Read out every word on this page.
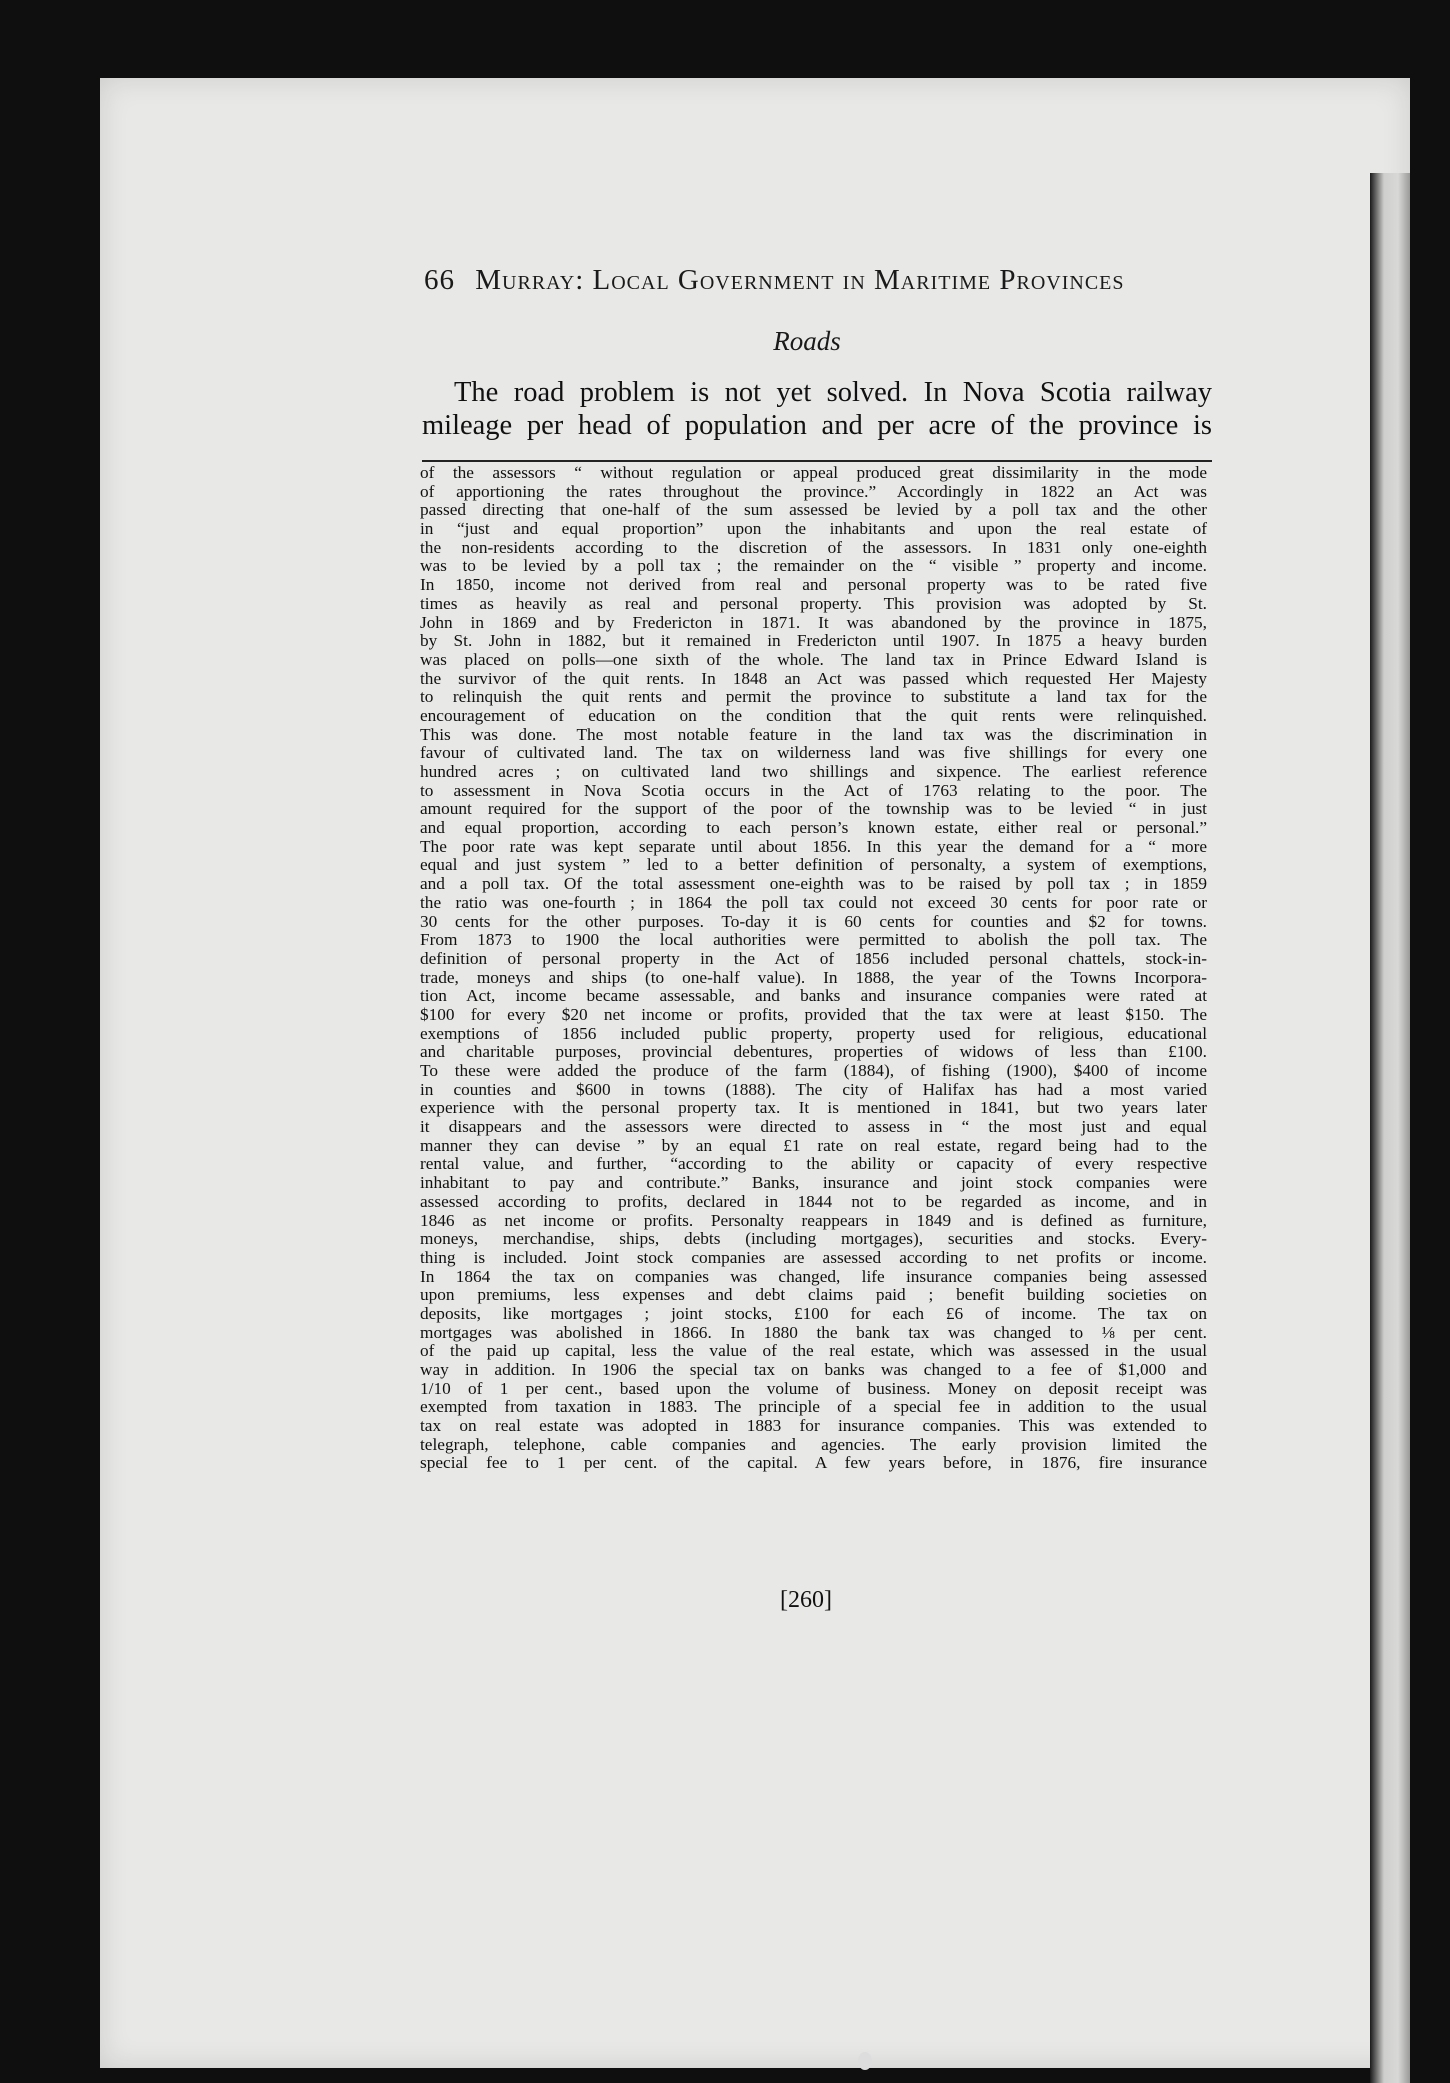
66 Murray: Local Government in Maritime Provinces
Roads
The road problem is not yet solved. In Nova Scotia railway
mileage per head of population and per acre of the province is
of the assessors “ without regulation or appeal produced great dissimilarity in the mode
of apportioning the rates throughout the province.” Accordingly in 1822 an Act was
passed directing that one-half of the sum assessed be levied by a poll tax and the other
in “just and equal proportion” upon the inhabitants and upon the real estate of
the non-residents according to the discretion of the assessors. In 1831 only one-eighth
was to be levied by a poll tax ; the remainder on the “ visible ” property and income.
In 1850, income not derived from real and personal property was to be rated five
times as heavily as real and personal property. This provision was adopted by St.
John in 1869 and by Fredericton in 1871. It was abandoned by the province in 1875,
by St. John in 1882, but it remained in Fredericton until 1907. In 1875 a heavy burden
was placed on polls—one sixth of the whole. The land tax in Prince Edward Island is
the survivor of the quit rents. In 1848 an Act was passed which requested Her Majesty
to relinquish the quit rents and permit the province to substitute a land tax for the
encouragement of education on the condition that the quit rents were relinquished.
This was done. The most notable feature in the land tax was the discrimination in
favour of cultivated land. The tax on wilderness land was five shillings for every one
hundred acres ; on cultivated land two shillings and sixpence. The earliest reference
to assessment in Nova Scotia occurs in the Act of 1763 relating to the poor. The
amount required for the support of the poor of the township was to be levied “ in just
and equal proportion, according to each person’s known estate, either real or personal.”
The poor rate was kept separate until about 1856. In this year the demand for a “ more
equal and just system ” led to a better definition of personalty, a system of exemptions,
and a poll tax. Of the total assessment one-eighth was to be raised by poll tax ; in 1859
the ratio was one-fourth ; in 1864 the poll tax could not exceed 30 cents for poor rate or
30 cents for the other purposes. To-day it is 60 cents for counties and $2 for towns.
From 1873 to 1900 the local authorities were permitted to abolish the poll tax. The
definition of personal property in the Act of 1856 included personal chattels, stock-in-
trade, moneys and ships (to one-half value). In 1888, the year of the Towns Incorpora-
tion Act, income became assessable, and banks and insurance companies were rated at
$100 for every $20 net income or profits, provided that the tax were at least $150. The
exemptions of 1856 included public property, property used for religious, educational
and charitable purposes, provincial debentures, properties of widows of less than £100.
To these were added the produce of the farm (1884), of fishing (1900), $400 of income
in counties and $600 in towns (1888). The city of Halifax has had a most varied
experience with the personal property tax. It is mentioned in 1841, but two years later
it disappears and the assessors were directed to assess in “ the most just and equal
manner they can devise ” by an equal £1 rate on real estate, regard being had to the
rental value, and further, “according to the ability or capacity of every respective
inhabitant to pay and contribute.” Banks, insurance and joint stock companies were
assessed according to profits, declared in 1844 not to be regarded as income, and in
1846 as net income or profits. Personalty reappears in 1849 and is defined as furniture,
moneys, merchandise, ships, debts (including mortgages), securities and stocks. Every-
thing is included. Joint stock companies are assessed according to net profits or income.
In 1864 the tax on companies was changed, life insurance companies being assessed
upon premiums, less expenses and debt claims paid ; benefit building societies on
deposits, like mortgages ; joint stocks, £100 for each £6 of income. The tax on
mortgages was abolished in 1866. In 1880 the bank tax was changed to ⅛ per cent.
of the paid up capital, less the value of the real estate, which was assessed in the usual
way in addition. In 1906 the special tax on banks was changed to a fee of $1,000 and
1/10 of 1 per cent., based upon the volume of business. Money on deposit receipt was
exempted from taxation in 1883. The principle of a special fee in addition to the usual
tax on real estate was adopted in 1883 for insurance companies. This was extended to
telegraph, telephone, cable companies and agencies. The early provision limited the
special fee to 1 per cent. of the capital. A few years before, in 1876, fire insurance
[260]
